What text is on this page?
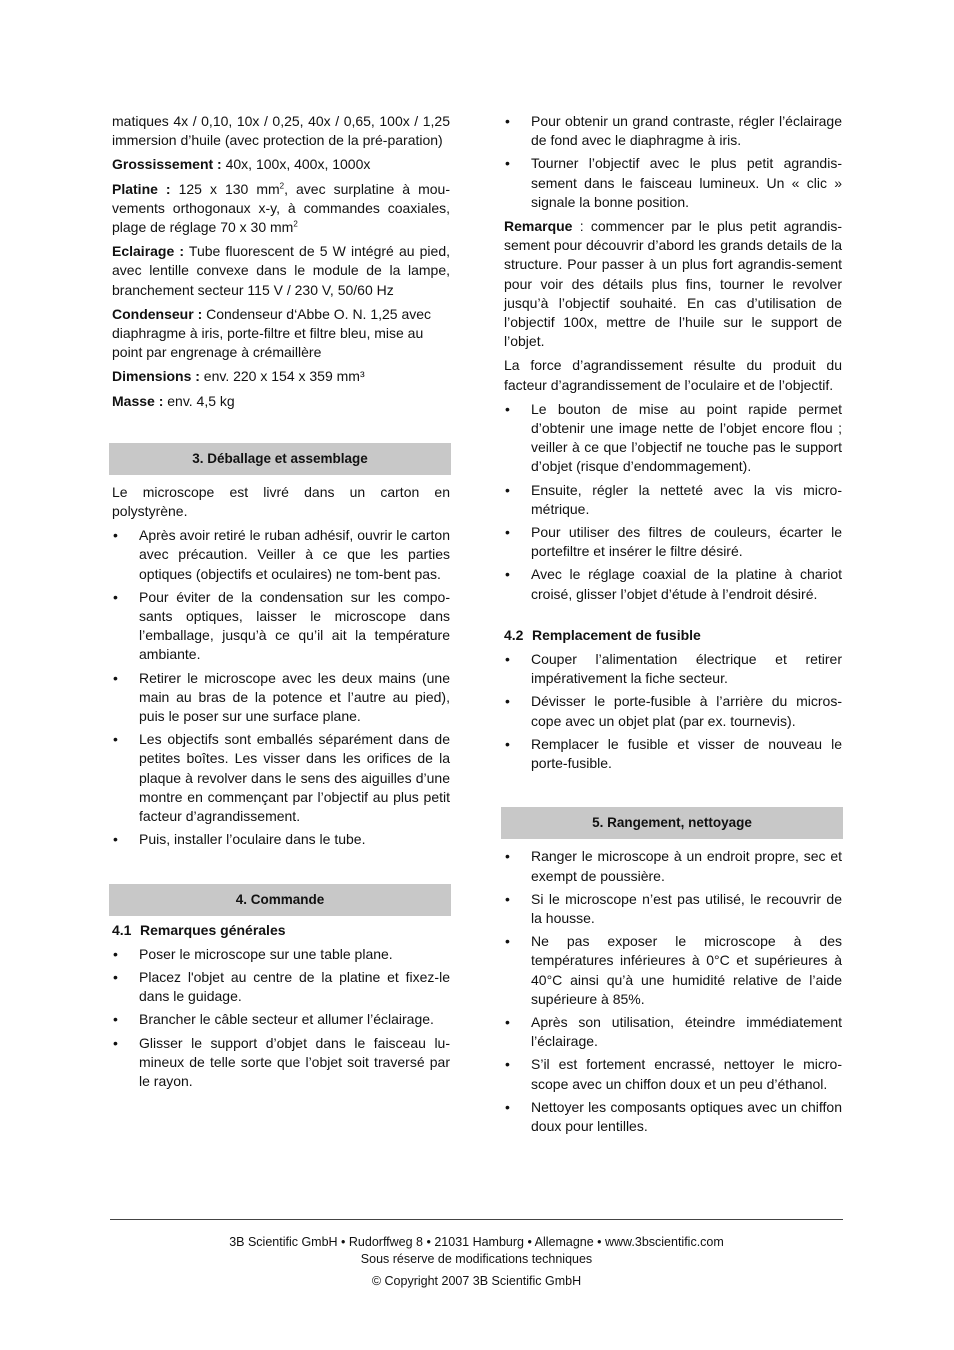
matiques 4x / 0,10, 10x / 0,25, 40x / 0,65, 100x / 1,25 immersion d’huile (avec protection de la pré-paration)

Grossissement : 40x, 100x, 400x, 1000x

Platine : 125 x 130 $mm^2$, avec surplatine à mou-vements orthogonaux x-y, à commandes coaxiales, plage de réglage 70 x 30 $mm^2$

Eclairage : Tube fluorescent de 5 W intégré au pied, avec lentille convexe dans le module de la lampe, branchement secteur 115 V / 230 V, 50/60 Hz

Condenseur : Condenseur d‘Abbe O. N. 1,25 avec diaphragme à iris, porte-filtre et filtre bleu, mise au point par engrenage à crémaillère

Dimensions : env. 220 x 154 x 359 mm³

Masse : env. 4,5 kg

3. Déballage et assemblage

Le microscope est livré dans un carton en polystyrène.

• Après avoir retiré le ruban adhésif, ouvrir le carton avec précaution. Veiller à ce que les parties optiques (objectifs et oculaires) ne tom-bent pas.
• Pour éviter de la condensation sur les compo-sants optiques, laisser le microscope dans l’emballage, jusqu’à ce qu’il ait la température ambiante.
• Retirer le microscope avec les deux mains (une main au bras de la potence et l’autre au pied), puis le poser sur une surface plane.
• Les objectifs sont emballés séparément dans de petites boîtes. Les visser dans les orifices de la plaque à revolver dans le sens des aiguilles d’une montre en commençant par l’objectif au plus petit facteur d’agrandissement.
• Puis, installer l’oculaire dans le tube.
4. Commande
4.1 Remarques générales
• Poser le microscope sur une table plane.
• Placez l'objet au centre de la platine et fixez-le dans le guidage.
• Brancher le câble secteur et allumer l’éclairage.
• Glisser le support d’objet dans le faisceau lu-mineux de telle sorte que l’objet soit traversé par le rayon.
• Pour obtenir un grand contraste, régler l’éclairage de fond avec le diaphragme à iris.
• Tourner l’objectif avec le plus petit agrandis-sement dans le faisceau lumineux. Un « clic » signale la bonne position.

Remarque : commencer par le plus petit agrandis-sement pour découvrir d’abord les grands details de la structure. Pour passer à un plus fort agrandis-sement pour voir des détails plus fins, tourner le revolver jusqu’à l’objectif souhaité. En cas d’utilisation de l’objectif 100x, mettre de l’huile sur le support de l’objet.

La force d’agrandissement résulte du produit du facteur d’agrandissement de l’oculaire et de l’objectif.

• Le bouton de mise au point rapide permet d’obtenir une image nette de l’objet encore flou ; veiller à ce que l’objectif ne touche pas le support d’objet (risque d’endommagement).
• Ensuite, régler la netteté avec la vis micro-métrique.
• Pour utiliser des filtres de couleurs, écarter le portefiltre et insérer le filtre désiré.
• Avec le réglage coaxial de la platine à chariot croisé, glisser l’objet d’étude à l’endroit désiré.
4.2 Remplacement de fusible
• Couper l’alimentation électrique et retirer impérativement la fiche secteur.
• Dévisser le porte-fusible à l’arrière du micros-cope avec un objet plat (par ex. tournevis).
• Remplacer le fusible et visser de nouveau le porte-fusible.
5. Rangement, nettoyage
• Ranger le microscope à un endroit propre, sec et exempt de poussière.
• Si le microscope n’est pas utilisé, le recouvrir de la housse.
• Ne pas exposer le microscope à des températures inférieures à 0°C et supérieures à 40°C ainsi qu’à une humidité relative de l’aide supérieure à 85%.
• Après son utilisation, éteindre immédiatement l’éclairage.
• S’il est fortement encrassé, nettoyer le micro-scope avec un chiffon doux et un peu d’éthanol.
• Nettoyer les composants optiques avec un chiffon doux pour lentilles.
3B Scientific GmbH • Rudorffweg 8 • 21031 Hamburg • Allemagne • www.3bscientific.com
Sous réserve de modifications techniques
© Copyright 2007 3B Scientific GmbH
